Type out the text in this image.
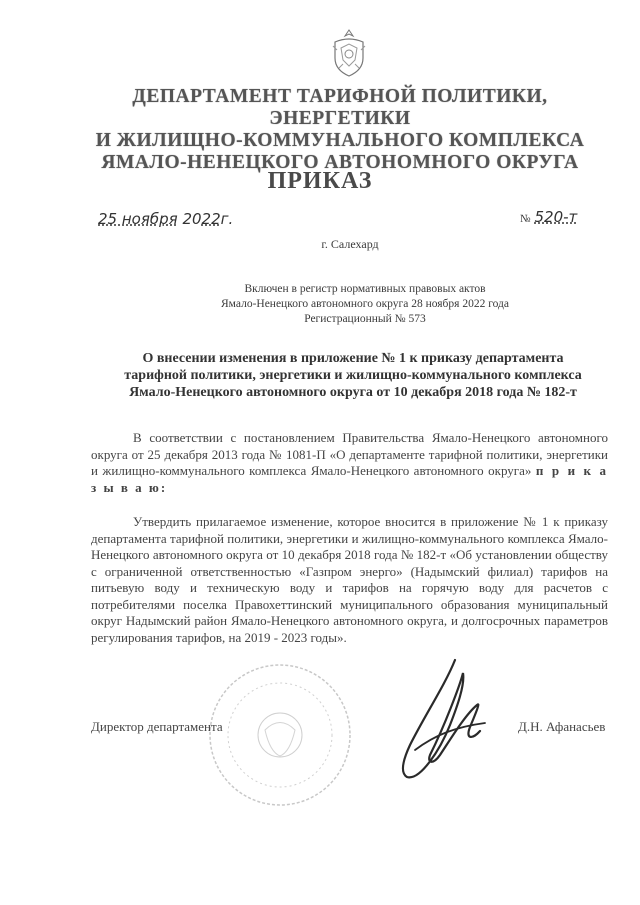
ДЕПАРТАМЕНТ ТАРИФНОЙ ПОЛИТИКИ, ЭНЕРГЕТИКИ
И ЖИЛИЩНО-КОММУНАЛЬНОГО КОМПЛЕКСА
ЯМАЛО-НЕНЕЦКОГО АВТОНОМНОГО ОКРУГА
ПРИКАЗ
25 ноября 2022г.	№ 520-т
г. Салехард
Включен в регистр нормативных правовых актов
Ямало-Ненецкого автономного округа 28 ноября 2022 года
Регистрационный № 573
О внесении изменения в приложение № 1 к приказу департамента
тарифной политики, энергетики и жилищно-коммунального комплекса
Ямало-Ненецкого автономного округа от 10 декабря 2018 года № 182-т
В соответствии с постановлением Правительства Ямало-Ненецкого автономного округа от 25 декабря 2013 года № 1081-П «О департаменте тарифной политики, энергетики и жилищно-коммунального комплекса Ямало-Ненецкого автономного округа» п р и к а з ы в а ю:
Утвердить прилагаемое изменение, которое вносится в приложение № 1 к приказу департамента тарифной политики, энергетики и жилищно-коммунального комплекса Ямало-Ненецкого автономного округа от 10 декабря 2018 года № 182-т «Об установлении обществу с ограниченной ответственностью «Газпром энерго» (Надымский филиал) тарифов на питьевую воду и техническую воду и тарифов на горячую воду для расчетов с потребителями поселка Правохеттинский муниципального образования муниципальный округ Надымский район Ямало-Ненецкого автономного округа, и долгосрочных параметров регулирования тарифов, на 2019 - 2023 годы».
Директор департамента	Д.Н. Афанасьев
